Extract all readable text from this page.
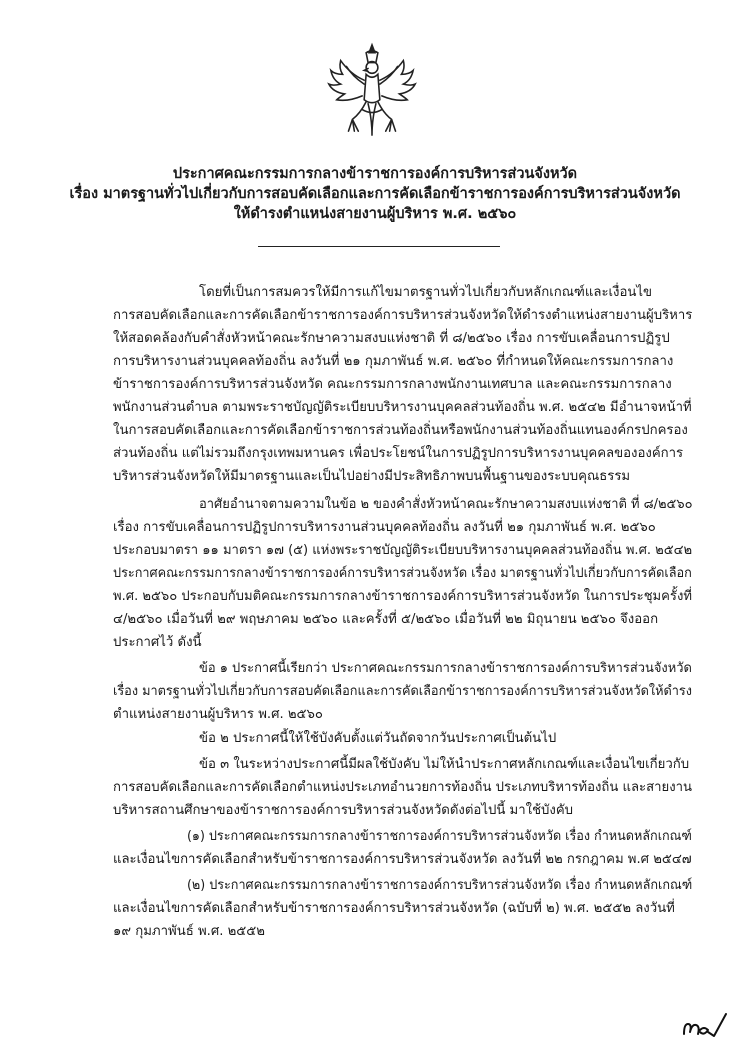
ประกาศคณะกรรมการกลางข้าราชการองค์การบริหารส่วนจังหวัด
เรื่อง มาตรฐานทั่วไปเกี่ยวกับการสอบคัดเลือกและการคัดเลือกข้าราชการองค์การบริหารส่วนจังหวัด
ให้ดำรงตำแหน่งสายงานผู้บริหาร พ.ศ. ๒๕๖๐
โดยที่เป็นการสมควรให้มีการแก้ไขมาตรฐานทั่วไปเกี่ยวกับหลักเกณฑ์และเงื่อนไข
การสอบคัดเลือกและการคัดเลือกข้าราชการองค์การบริหารส่วนจังหวัดให้ดำรงตำแหน่งสายงานผู้บริหาร
ให้สอดคล้องกับคำสั่งหัวหน้าคณะรักษาความสงบแห่งชาติ ที่ ๘/๒๕๖๐ เรื่อง การขับเคลื่อนการปฏิรูป
การบริหารงานส่วนบุคคลท้องถิ่น ลงวันที่ ๒๑ กุมภาพันธ์ พ.ศ. ๒๕๖๐ ที่กำหนดให้คณะกรรมการกลาง
ข้าราชการองค์การบริหารส่วนจังหวัด คณะกรรมการกลางพนักงานเทศบาล และคณะกรรมการกลาง
พนักงานส่วนตำบล ตามพระราชบัญญัติระเบียบบริหารงานบุคคลส่วนท้องถิ่น พ.ศ. ๒๕๔๒ มีอำนาจหน้าที่
ในการสอบคัดเลือกและการคัดเลือกข้าราชการส่วนท้องถิ่นหรือพนักงานส่วนท้องถิ่นแทนองค์กรปกครอง
ส่วนท้องถิ่น แต่ไม่รวมถึงกรุงเทพมหานคร เพื่อประโยชน์ในการปฏิรูปการบริหารงานบุคคลขององค์การ
บริหารส่วนจังหวัดให้มีมาตรฐานและเป็นไปอย่างมีประสิทธิภาพบนพื้นฐานของระบบคุณธรรม
อาศัยอำนาจตามความในข้อ ๒ ของคำสั่งหัวหน้าคณะรักษาความสงบแห่งชาติ ที่ ๘/๒๕๖๐
เรื่อง การขับเคลื่อนการปฏิรูปการบริหารงานส่วนบุคคลท้องถิ่น ลงวันที่ ๒๑ กุมภาพันธ์ พ.ศ. ๒๕๖๐
ประกอบมาตรา ๑๑ มาตรา ๑๗ (๕) แห่งพระราชบัญญัติระเบียบบริหารงานบุคคลส่วนท้องถิ่น พ.ศ. ๒๕๔๒
ประกาศคณะกรรมการกลางข้าราชการองค์การบริหารส่วนจังหวัด เรื่อง มาตรฐานทั่วไปเกี่ยวกับการคัดเลือก
พ.ศ. ๒๕๖๐ ประกอบกับมติคณะกรรมการกลางข้าราชการองค์การบริหารส่วนจังหวัด ในการประชุมครั้งที่
๔/๒๕๖๐ เมื่อวันที่ ๒๙ พฤษภาคม ๒๕๖๐ และครั้งที่ ๕/๒๕๖๐ เมื่อวันที่ ๒๒ มิถุนายน ๒๕๖๐ จึงออก
ประกาศไว้ ดังนี้
ข้อ ๑ ประกาศนี้เรียกว่า ประกาศคณะกรรมการกลางข้าราชการองค์การบริหารส่วนจังหวัด
เรื่อง มาตรฐานทั่วไปเกี่ยวกับการสอบคัดเลือกและการคัดเลือกข้าราชการองค์การบริหารส่วนจังหวัดให้ดำรง
ตำแหน่งสายงานผู้บริหาร พ.ศ. ๒๕๖๐
ข้อ ๒ ประกาศนี้ให้ใช้บังคับตั้งแต่วันถัดจากวันประกาศเป็นต้นไป
ข้อ ๓ ในระหว่างประกาศนี้มีผลใช้บังคับ ไม่ให้นำประกาศหลักเกณฑ์และเงื่อนไขเกี่ยวกับ
การสอบคัดเลือกและการคัดเลือกตำแหน่งประเภทอำนวยการท้องถิ่น ประเภทบริหารท้องถิ่น และสายงาน
บริหารสถานศึกษาของข้าราชการองค์การบริหารส่วนจังหวัดดังต่อไปนี้ มาใช้บังคับ
(๑) ประกาศคณะกรรมการกลางข้าราชการองค์การบริหารส่วนจังหวัด เรื่อง กำหนดหลักเกณฑ์
และเงื่อนไขการคัดเลือกสำหรับข้าราชการองค์การบริหารส่วนจังหวัด ลงวันที่ ๒๒ กรกฎาคม พ.ศ ๒๕๔๗
(๒) ประกาศคณะกรรมการกลางข้าราชการองค์การบริหารส่วนจังหวัด เรื่อง กำหนดหลักเกณฑ์
และเงื่อนไขการคัดเลือกสำหรับข้าราชการองค์การบริหารส่วนจังหวัด (ฉบับที่ ๒) พ.ศ. ๒๕๕๒ ลงวันที่
๑๙ กุมภาพันธ์ พ.ศ. ๒๕๕๒
